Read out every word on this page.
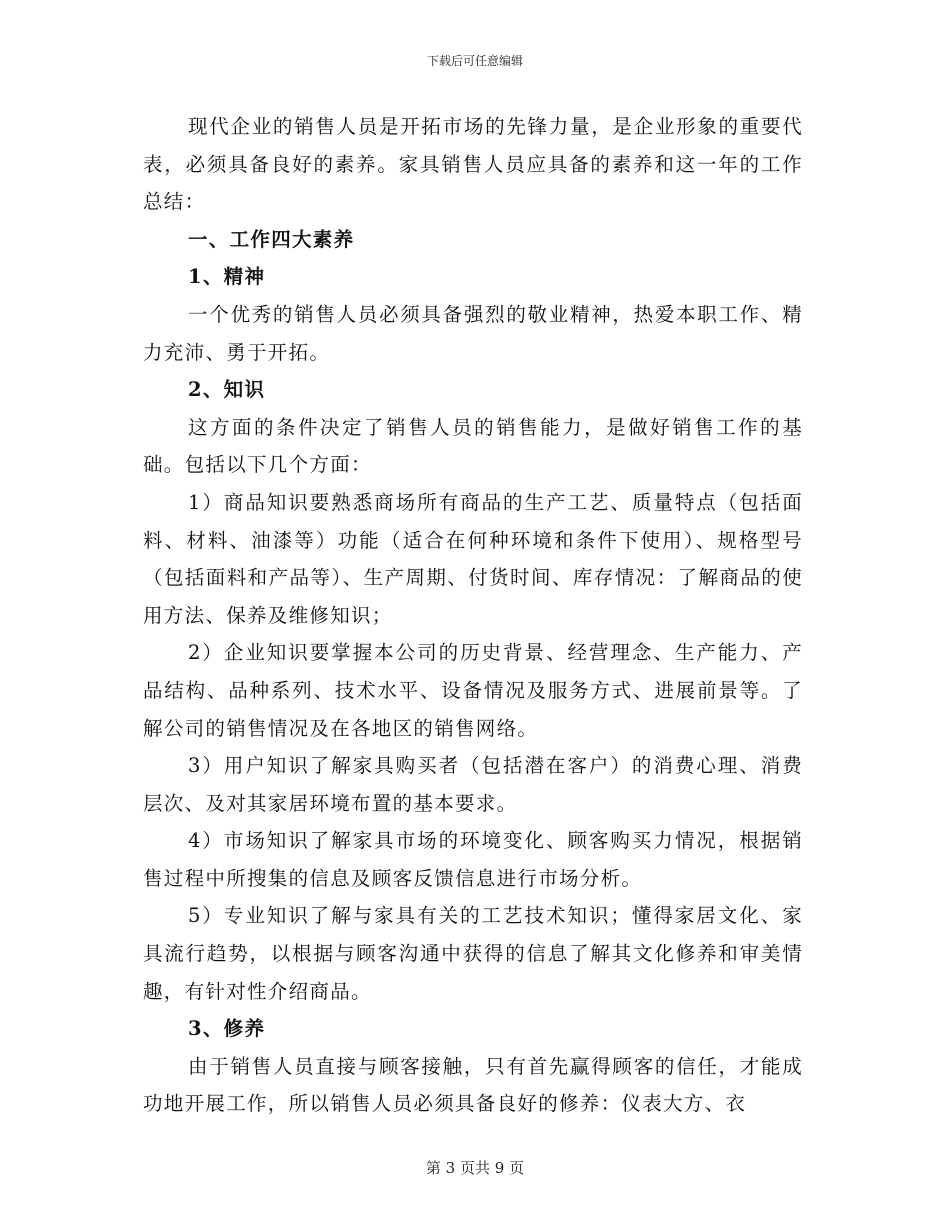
下载后可任意编辑

现代企业的销售人员是开拓市场的先锋力量，是企业形象的重要代表，必须具备良好的素养。家具销售人员应具备的素养和这一年的工作总结：

一、工作四大素养

1、精神

一个优秀的销售人员必须具备强烈的敬业精神，热爱本职工作、精力充沛、勇于开拓。

2、知识

这方面的条件决定了销售人员的销售能力，是做好销售工作的基础。包括以下几个方面：

1）商品知识要熟悉商场所有商品的生产工艺、质量特点（包括面料、材料、油漆等）功能（适合在何种环境和条件下使用）、规格型号（包括面料和产品等）、生产周期、付货时间、库存情况：了解商品的使用方法、保养及维修知识；

2）企业知识要掌握本公司的历史背景、经营理念、生产能力、产品结构、品种系列、技术水平、设备情况及服务方式、进展前景等。了解公司的销售情况及在各地区的销售网络。

3）用户知识了解家具购买者（包括潜在客户）的消费心理、消费层次、及对其家居环境布置的基本要求。

4）市场知识了解家具市场的环境变化、顾客购买力情况，根据销售过程中所搜集的信息及顾客反馈信息进行市场分析。

5）专业知识了解与家具有关的工艺技术知识；懂得家居文化、家具流行趋势，以根据与顾客沟通中获得的信息了解其文化修养和审美情趣，有针对性介绍商品。

3、修养

由于销售人员直接与顾客接触，只有首先赢得顾客的信任，才能成功地开展工作，所以销售人员必须具备良好的修养：仪表大方、衣

第 3 页共 9 页
